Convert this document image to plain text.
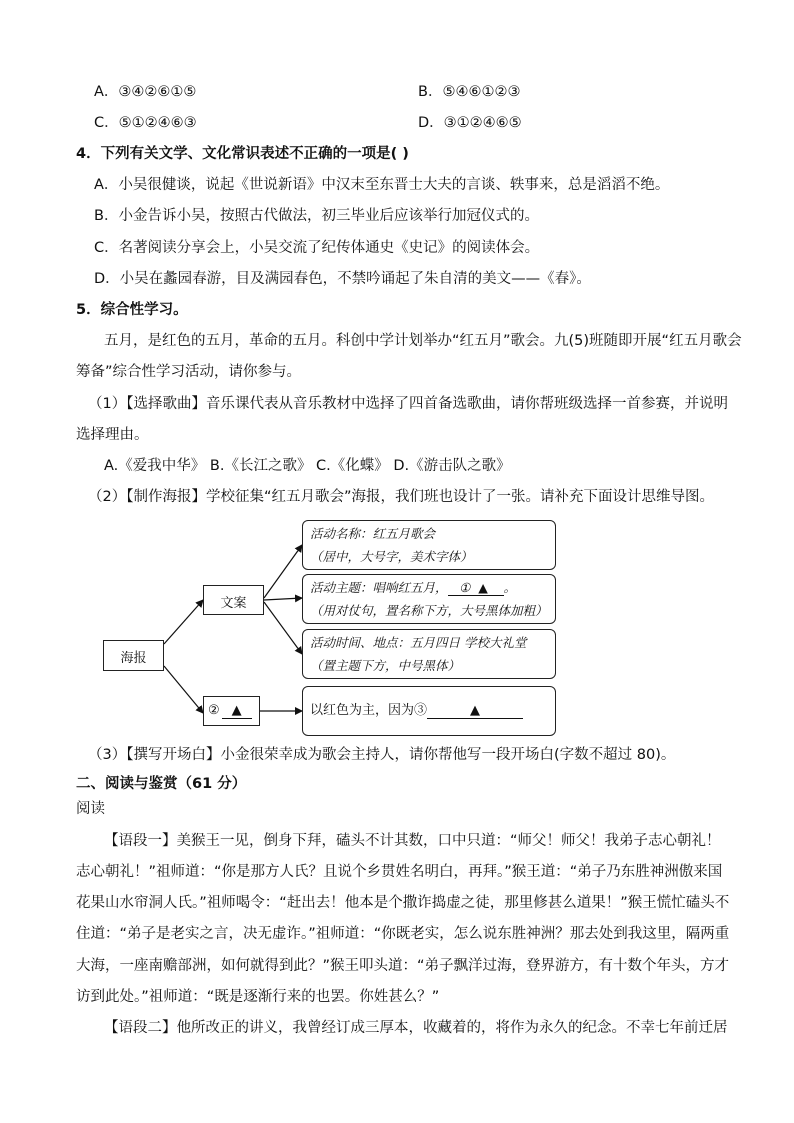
A．③④②⑥①⑤	B．⑤④⑥①②③
C．⑤①②④⑥③	D．③①②④⑥⑤
4．下列有关文学、文化常识表述不正确的一项是( )
A．小吴很健谈，说起《世说新语》中汉末至东晋士大夫的言谈、轶事来，总是滔滔不绝。
B．小金告诉小吴，按照古代做法，初三毕业后应该举行加冠仪式的。
C．名著阅读分享会上，小吴交流了纪传体通史《史记》的阅读体会。
D．小吴在蠡园春游，目及满园春色，不禁吟诵起了朱自清的美文——《春》。
5．综合性学习。
五月，是红色的五月，革命的五月。科创中学计划举办“红五月”歌会。九(5)班随即开展“红五月歌会
筹备”综合性学习活动，请你参与。
（1）【选择歌曲】音乐课代表从音乐教材中选择了四首备选歌曲，请你帮班级选择一首参赛，并说明
选择理由。
A.《爱我中华》 B.《长江之歌》 C.《化蝶》 D.《游击队之歌》
（2）【制作海报】学校征集“红五月歌会”海报，我们班也设计了一张。请补充下面设计思维导图。
海报
文案
② ▲
活动名称：红五月歌会
（居中，大号字，美术字体）
活动主题：唱响红五月， ① ▲ 。
（用对仗句，置名称下方，大号黑体加粗）
活动时间、地点：五月四日 学校大礼堂
（置主题下方，中号黑体）
以红色为主，因为③	▲
（3）【撰写开场白】小金很荣幸成为歌会主持人，请你帮他写一段开场白(字数不超过 80)。
二、阅读与鉴赏（61 分）
阅读
【语段一】美猴王一见，倒身下拜，磕头不计其数，口中只道：“师父！师父！我弟子志心朝礼！
志心朝礼！”祖师道：“你是那方人氏？且说个乡贯姓名明白，再拜。”猴王道：“弟子乃东胜神洲傲来国
花果山水帘洞人氏。”祖师喝令：“赶出去！他本是个撒诈捣虚之徒，那里修甚么道果！”猴王慌忙磕头不
住道：“弟子是老实之言，决无虚诈。”祖师道：“你既老实，怎么说东胜神洲？那去处到我这里，隔两重
大海，一座南赡部洲，如何就得到此？”猴王叩头道：“弟子飘洋过海，登界游方，有十数个年头，方才
访到此处。”祖师道：“既是逐渐行来的也罢。你姓甚么？”
【语段二】他所改正的讲义，我曾经订成三厚本，收藏着的，将作为永久的纪念。不幸七年前迁居
